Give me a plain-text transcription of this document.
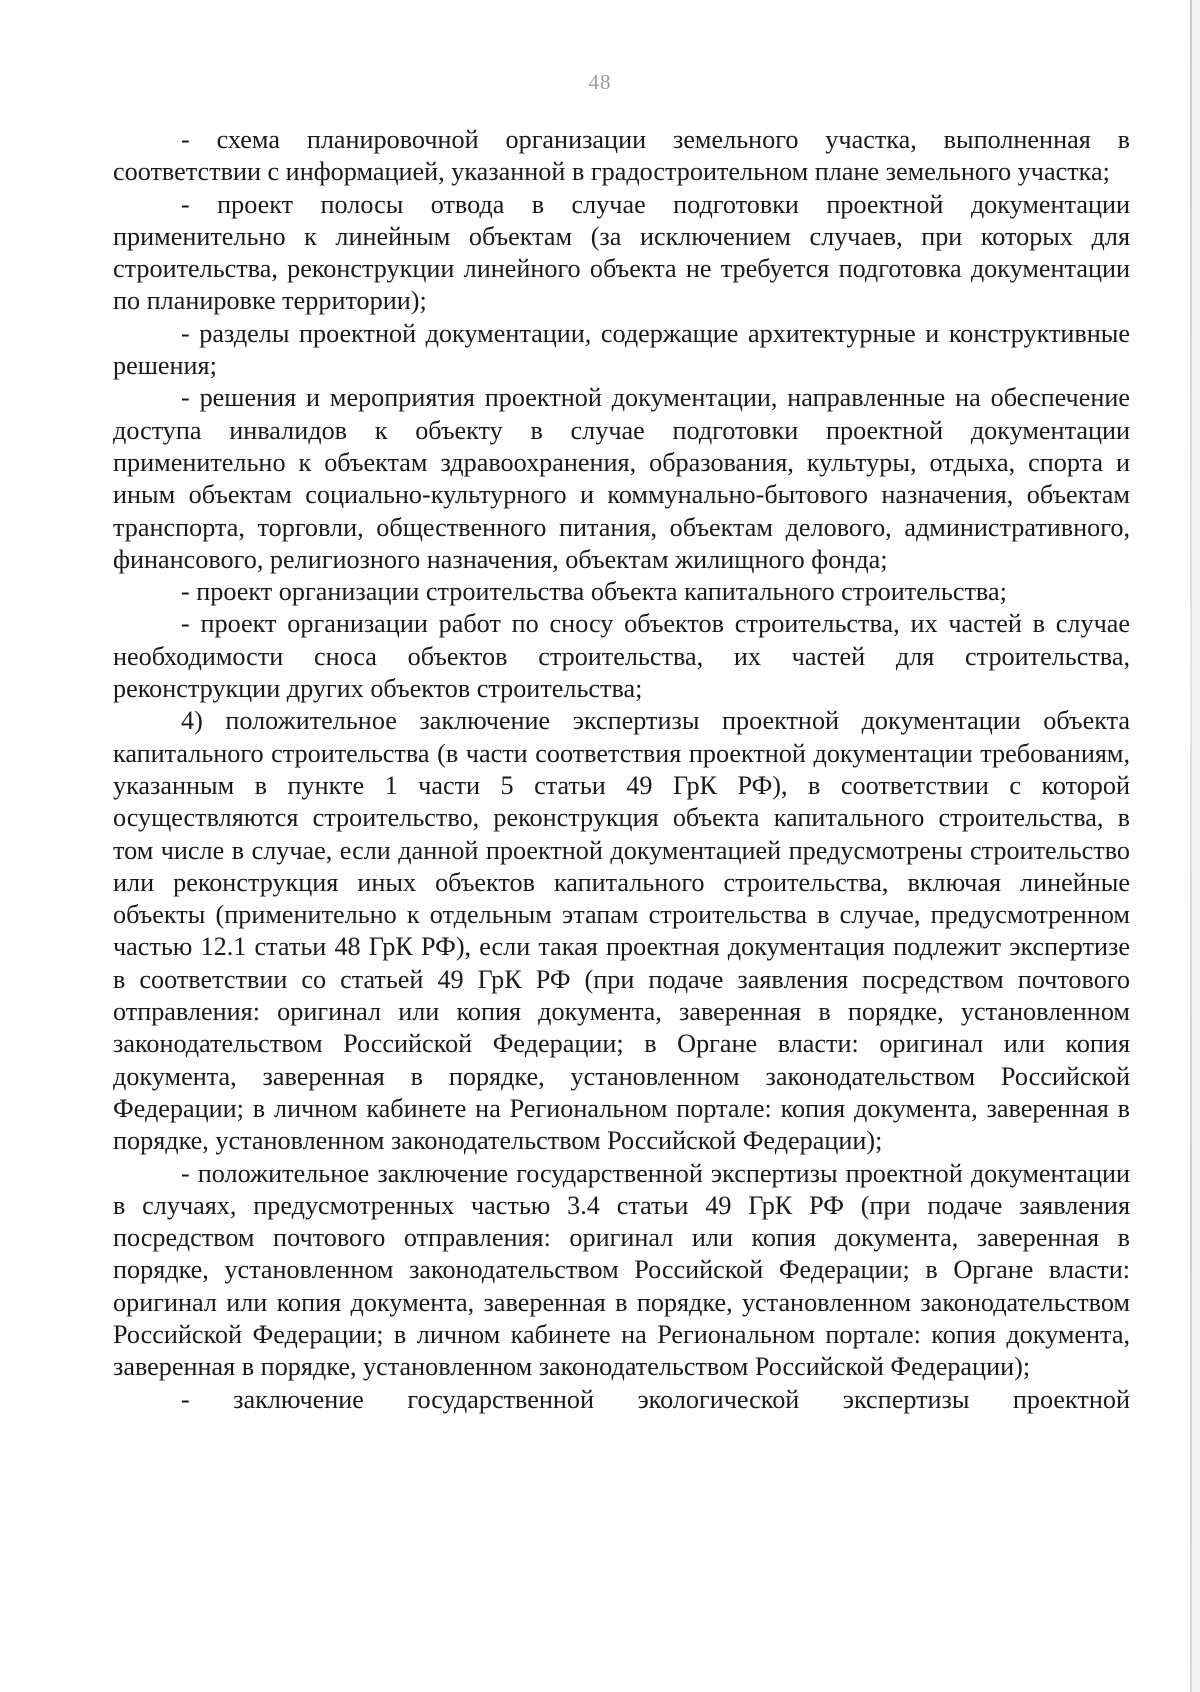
48

- схема планировочной организации земельного участка, выполненная в соответствии с информацией, указанной в градостроительном плане земельного участка;

- проект полосы отвода в случае подготовки проектной документации применительно к линейным объектам (за исключением случаев, при которых для строительства, реконструкции линейного объекта не требуется подготовка документации по планировке территории);

- разделы проектной документации, содержащие архитектурные и конструктивные решения;

- решения и мероприятия проектной документации, направленные на обеспечение доступа инвалидов к объекту в случае подготовки проектной документации применительно к объектам здравоохранения, образования, культуры, отдыха, спорта и иным объектам социально-культурного и коммунально-бытового назначения, объектам транспорта, торговли, общественного питания, объектам делового, административного, финансового, религиозного назначения, объектам жилищного фонда;

- проект организации строительства объекта капитального строительства;

- проект организации работ по сносу объектов строительства, их частей в случае необходимости сноса объектов строительства, их частей для строительства, реконструкции других объектов строительства;

4) положительное заключение экспертизы проектной документации объекта капитального строительства (в части соответствия проектной документации требованиям, указанным в пункте 1 части 5 статьи 49 ГрК РФ), в соответствии с которой осуществляются строительство, реконструкция объекта капитального строительства, в том числе в случае, если данной проектной документацией предусмотрены строительство или реконструкция иных объектов капитального строительства, включая линейные объекты (применительно к отдельным этапам строительства в случае, предусмотренном частью 12.1 статьи 48 ГрК РФ), если такая проектная документация подлежит экспертизе в соответствии со статьей 49 ГрК РФ (при подаче заявления посредством почтового отправления: оригинал или копия документа, заверенная в порядке, установленном законодательством Российской Федерации; в Органе власти: оригинал или копия документа, заверенная в порядке, установленном законодательством Российской Федерации; в личном кабинете на Региональном портале: копия документа, заверенная в порядке, установленном законодательством Российской Федерации);

- положительное заключение государственной экспертизы проектной документации в случаях, предусмотренных частью 3.4 статьи 49 ГрК РФ (при подаче заявления посредством почтового отправления: оригинал или копия документа, заверенная в порядке, установленном законодательством Российской Федерации; в Органе власти: оригинал или копия документа, заверенная в порядке, установленном законодательством Российской Федерации; в личном кабинете на Региональном портале: копия документа, заверенная в порядке, установленном законодательством Российской Федерации);

- заключение государственной экологической экспертизы проектной
